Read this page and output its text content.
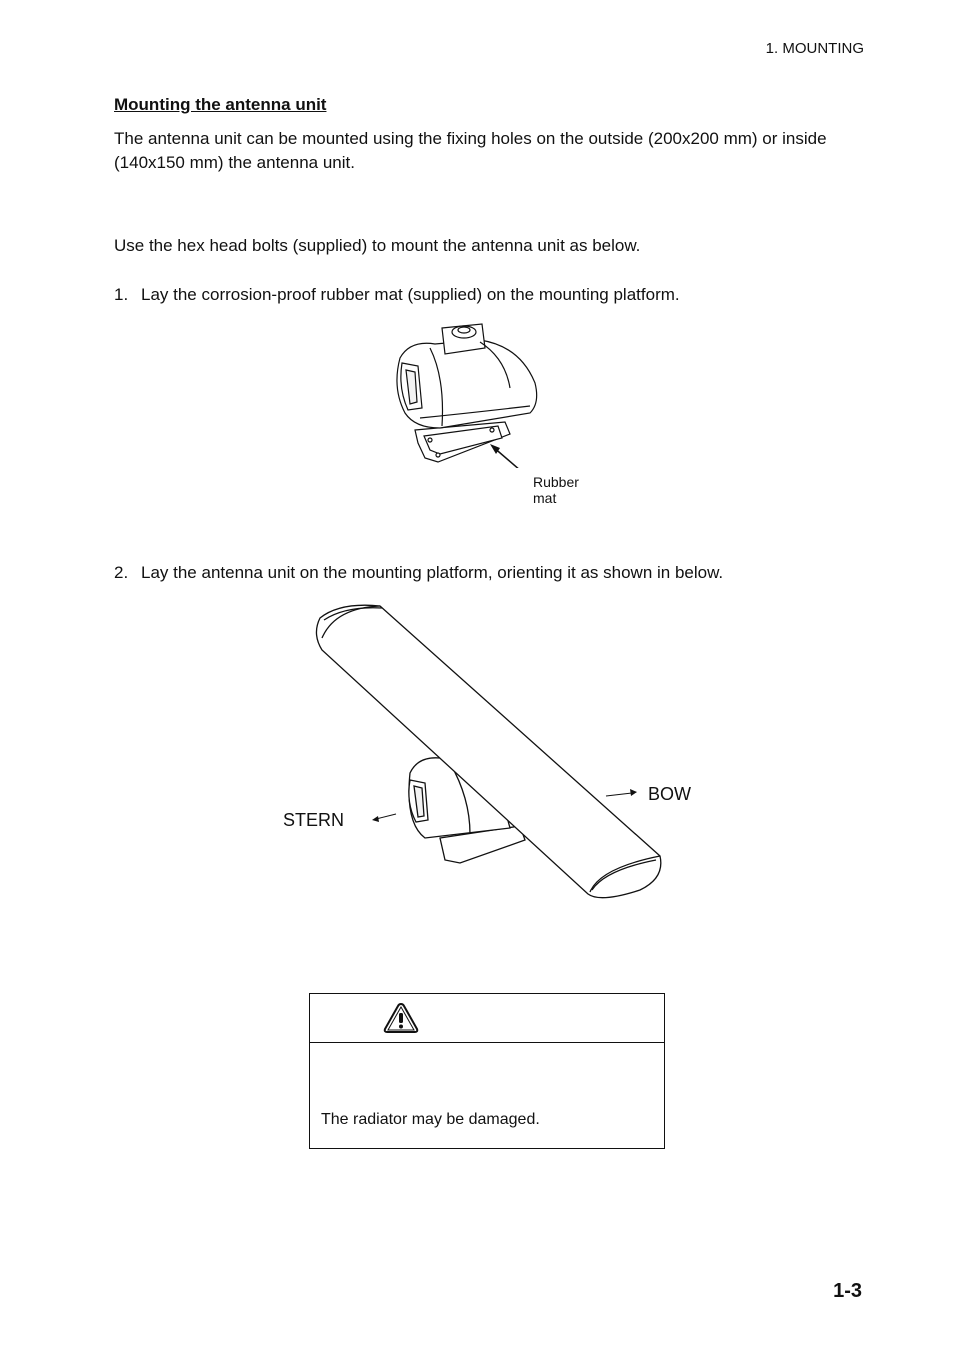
1. MOUNTING
Mounting the antenna unit
The antenna unit can be mounted using the fixing holes on the outside (200x200 mm) or inside (140x150 mm) the antenna unit.
Use the hex head bolts (supplied) to mount the antenna unit as below.
1. Lay the corrosion-proof rubber mat (supplied) on the mounting platform.
Rubber
mat
2. Lay the antenna unit on the mounting platform, orienting it as shown in below.
STERN
BOW
The radiator may be damaged.
1-3
